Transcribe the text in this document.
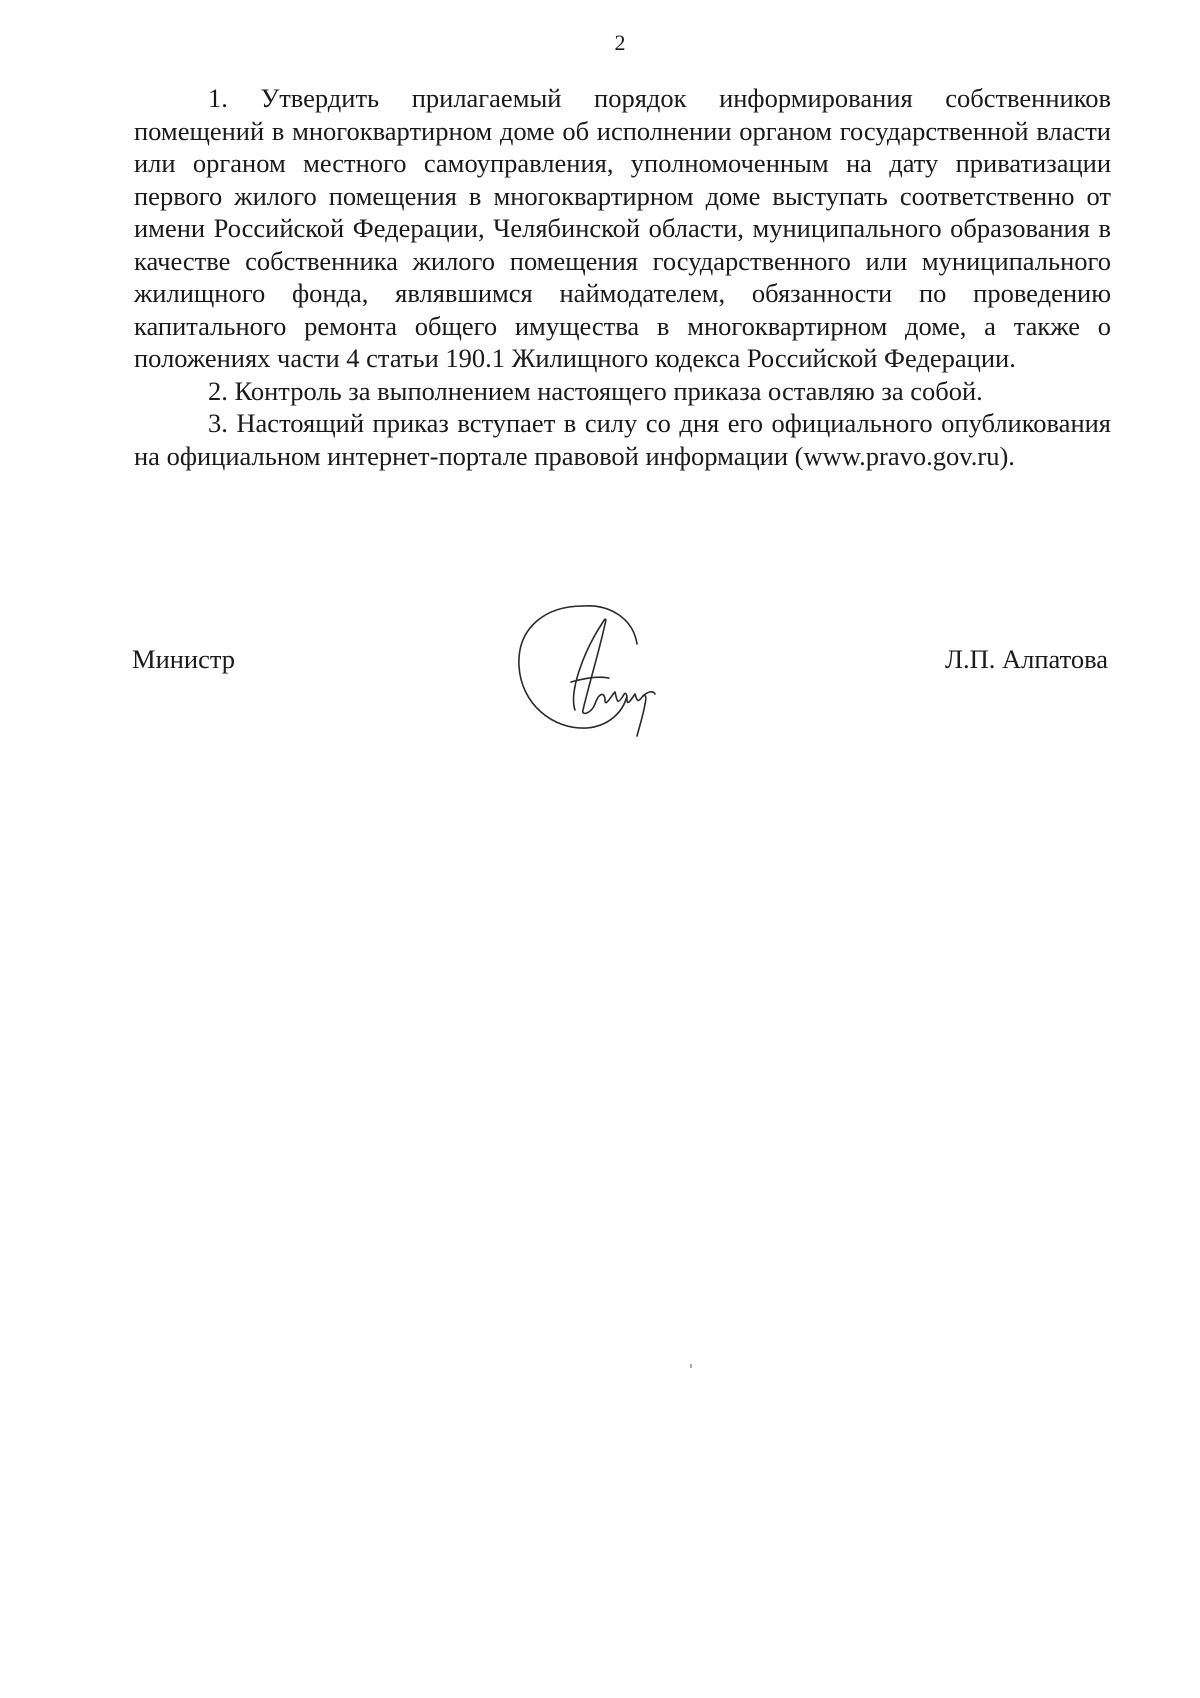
2

1. Утвердить прилагаемый порядок информирования собственников помещений в многоквартирном доме об исполнении органом государственной власти или органом местного самоуправления, уполномоченным на дату приватизации первого жилого помещения в многоквартирном доме выступать соответственно от имени Российской Федерации, Челябинской области, муниципального образования в качестве собственника жилого помещения государственного или муниципального жилищного фонда, являвшимся наймодателем, обязанности по проведению капитального ремонта общего имущества в многоквартирном доме, а также о положениях части 4 статьи 190.1 Жилищного кодекса Российской Федерации.

2. Контроль за выполнением настоящего приказа оставляю за собой.

3. Настоящий приказ вступает в силу со дня его официального опубликования на официальном интернет-портале правовой информации (www.pravo.gov.ru).

Министр	Л.П. Алпатова
